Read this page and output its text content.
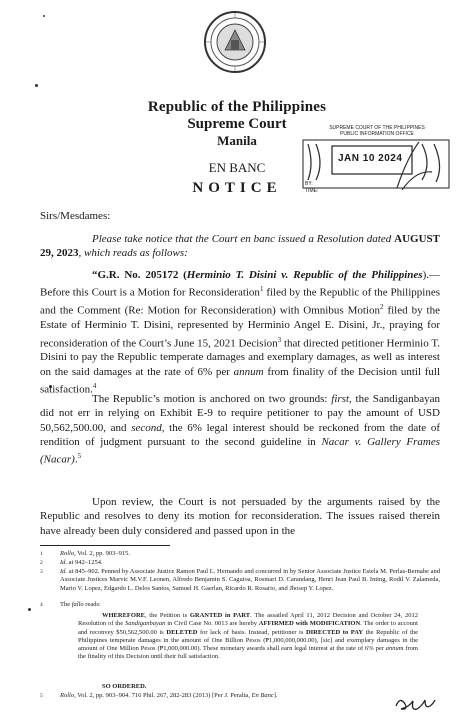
Republic of the Philippines
Supreme Court
Manila
EN BANC
NOTICE
SUPREME COURT OF THE PHILIPPINES
PUBLIC INFORMATION OFFICE
JAN 10 2024
BY:
TIME:
Sirs/Mesdames:
Please take notice that the Court en banc issued a Resolution dated AUGUST 29, 2023, which reads as follows:
“G.R. No. 205172 (Herminio T. Disini v. Republic of the Philippines).— Before this Court is a Motion for Reconsideration$^1$ filed by the Republic of the Philippines and the Comment (Re: Motion for Reconsideration) with Omnibus Motion$^2$ filed by the Estate of Herminio T. Disini, represented by Herminio Angel E. Disini, Jr., praying for reconsideration of the Court’s June 15, 2021 Decision$^3$ that directed petitioner Herminio T. Disini to pay the Republic temperate damages and exemplary damages, as well as interest on the said damages at the rate of 6% per annum from finality of the Decision until full satisfaction.$^4$
The Republic’s motion is anchored on two grounds: first, the Sandiganbayan did not err in relying on Exhibit E-9 to require petitioner to pay the amount of USD 50,562,500.00, and second, the 6% legal interest should be reckoned from the date of rendition of judgment pursuant to the second guideline in Nacar v. Gallery Frames (Nacar).$^5$
Upon review, the Court is not persuaded by the arguments raised by the Republic and resolves to deny its motion for reconsideration. The issues raised therein have already been duly considered and passed upon in the
1	Rollo, Vol. 2, pp. 903–915.
2	Id. at 942–1254.
3	Id. at 845–902. Penned by Associate Justice Ramon Paul L. Hernando and concurred in by Senior Associate Justice Estela M. Perlas-Bernabe and Associate Justices Marvic M.V.F. Leonen, Alfredo Benjamin S. Caguioa, Rosmari D. Carandang, Henri Jean Paul B. Inting, Rodil V. Zalameda, Mario V. Lopez, Edgardo L. Delos Santos, Samuel H. Gaerlan, Ricardo R. Rosario, and Jhosep Y. Lopez.
4	The fallo reads:
WHEREFORE, the Petition is GRANTED in PART. The assailed April 11, 2012 Decision and October 24, 2012 Resolution of the Sandiganbayan in Civil Case No. 0013 are hereby AFFIRMED with MODIFICATION. The order to account and reconvey $50,562,500.00 is DELETED for lack of basis. Instead, petitioner is DIRECTED to PAY the Republic of the Philippines temperate damages in the amount of One Billion Pesos (₱1,000,000,000.00), [sic] and exemplary damages in the amount of One Million Pesos (₱1,000,000.00). These monetary awards shall earn legal interest at the rate of 6% per annum from the finality of this Decision until their full satisfaction.
SO ORDERED.
5	Rollo, Vol. 2, pp. 903–904. 716 Phil. 267, 282-283 (2013) [Per J. Peralta, En Banc].
